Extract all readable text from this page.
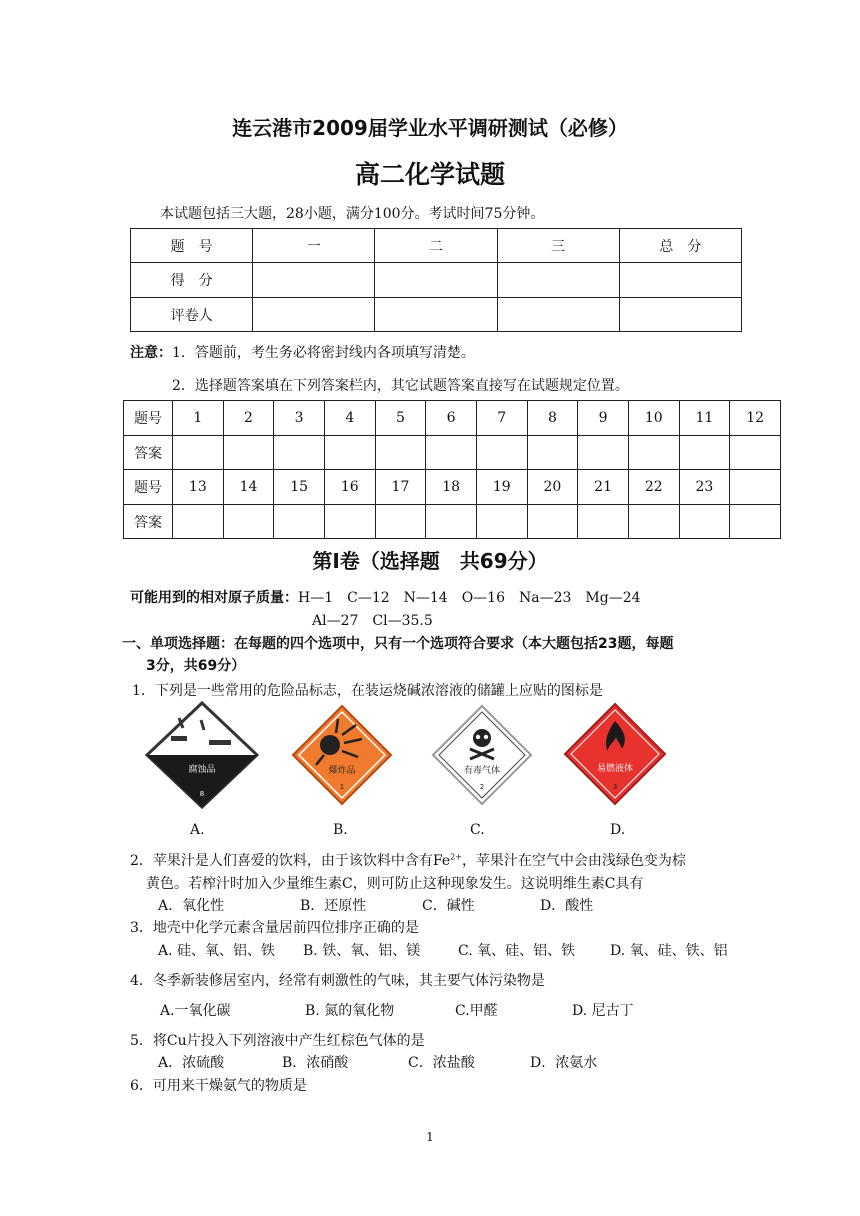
连云港市2009届学业水平调研测试（必修）
高二化学试题
本试题包括三大题，28小题，满分100分。考试时间75分钟。
题　号	一	二	三	总　分
得　分				
评卷人				
注意：1．答题前，考生务必将密封线内各项填写清楚。
2．选择题答案填在下列答案栏内，其它试题答案直接写在试题规定位置。
题号	1	2	3	4	5	6	7	8	9	10	11	12
答案												
题号	13	14	15	16	17	18	19	20	21	22	23	
答案												
第Ⅰ卷（选择题　共69分）
可能用到的相对原子质量：H—1　C—12　N—14　O—16　Na—23　Mg—24
Al—27　Cl—35.5
一、单项选择题：在每题的四个选项中，只有一个选项符合要求（本大题包括23题，每题
3分，共69分）
1．下列是一些常用的危险品标志，在装运烧碱浓溶液的储罐上应贴的图标是
腐蚀品
8
爆炸品
1
有毒气体
2
易燃液体
3
A.	B.	C.	D.
2．苹果汁是人们喜爱的饮料，由于该饮料中含有$Fe^{2+}$，苹果汁在空气中会由浅绿色变为棕
黄色。若榨汁时加入少量维生素C，则可防止这种现象发生。这说明维生素C具有
A．氧化性	B．还原性	C．碱性	D．酸性
3．地壳中化学元素含量居前四位排序正确的是
A. 硅、氧、铝、铁 B. 铁、氧、铝、镁	C. 氧、硅、铝、铁 D. 氧、硅、铁、铝
4．冬季新装修居室内，经常有刺激性的气味，其主要气体污染物是
A.一氧化碳	B. 氮的氧化物	C.甲醛	D. 尼古丁
5．将Cu片投入下列溶液中产生红棕色气体的是
A．浓硫酸	B．浓硝酸	C．浓盐酸	D．浓氨水
6．可用来干燥氨气的物质是
1
